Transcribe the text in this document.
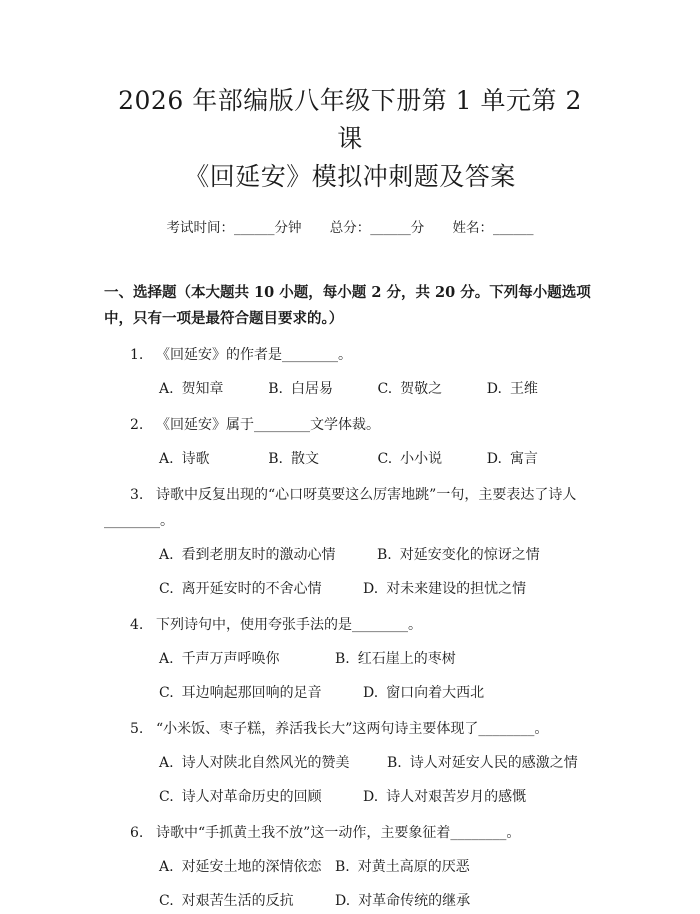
2026 年部编版八年级下册第 1 单元第 2 课
《回延安》模拟冲刺题及答案
考试时间：______分钟 总分：______分 姓名：______
一、选择题（本大题共 10 小题，每小题 2 分，共 20 分。下列每小题选项中，只有一项是最符合题目要求的。）
1. 《回延安》的作者是________。
A. 贺知章	B. 白居易	C. 贺敬之	D. 王维
2. 《回延安》属于________文学体裁。
A. 诗歌	B. 散文	C. 小小说	D. 寓言
3. 诗歌中反复出现的“心口呀莫要这么厉害地跳”一句，主要表达了诗人________。
A. 看到老朋友时的激动心情	B. 对延安变化的惊讶之情
C. 离开延安时的不舍心情	D. 对未来建设的担忧之情
4. 下列诗句中，使用夸张手法的是________。
A. 千声万声呼唤你	B. 红石崖上的枣树
C. 耳边响起那回响的足音	D. 窗口向着大西北
5. “小米饭、枣子糕，养活我长大”这两句诗主要体现了________。
A. 诗人对陕北自然风光的赞美	B. 诗人对延安人民的感激之情
C. 诗人对革命历史的回顾	D. 诗人对艰苦岁月的感慨
6. 诗歌中“手抓黄土我不放”这一动作，主要象征着________。
A. 对延安土地的深情依恋 B. 对黄土高原的厌恶
C. 对艰苦生活的反抗	D. 对革命传统的继承
